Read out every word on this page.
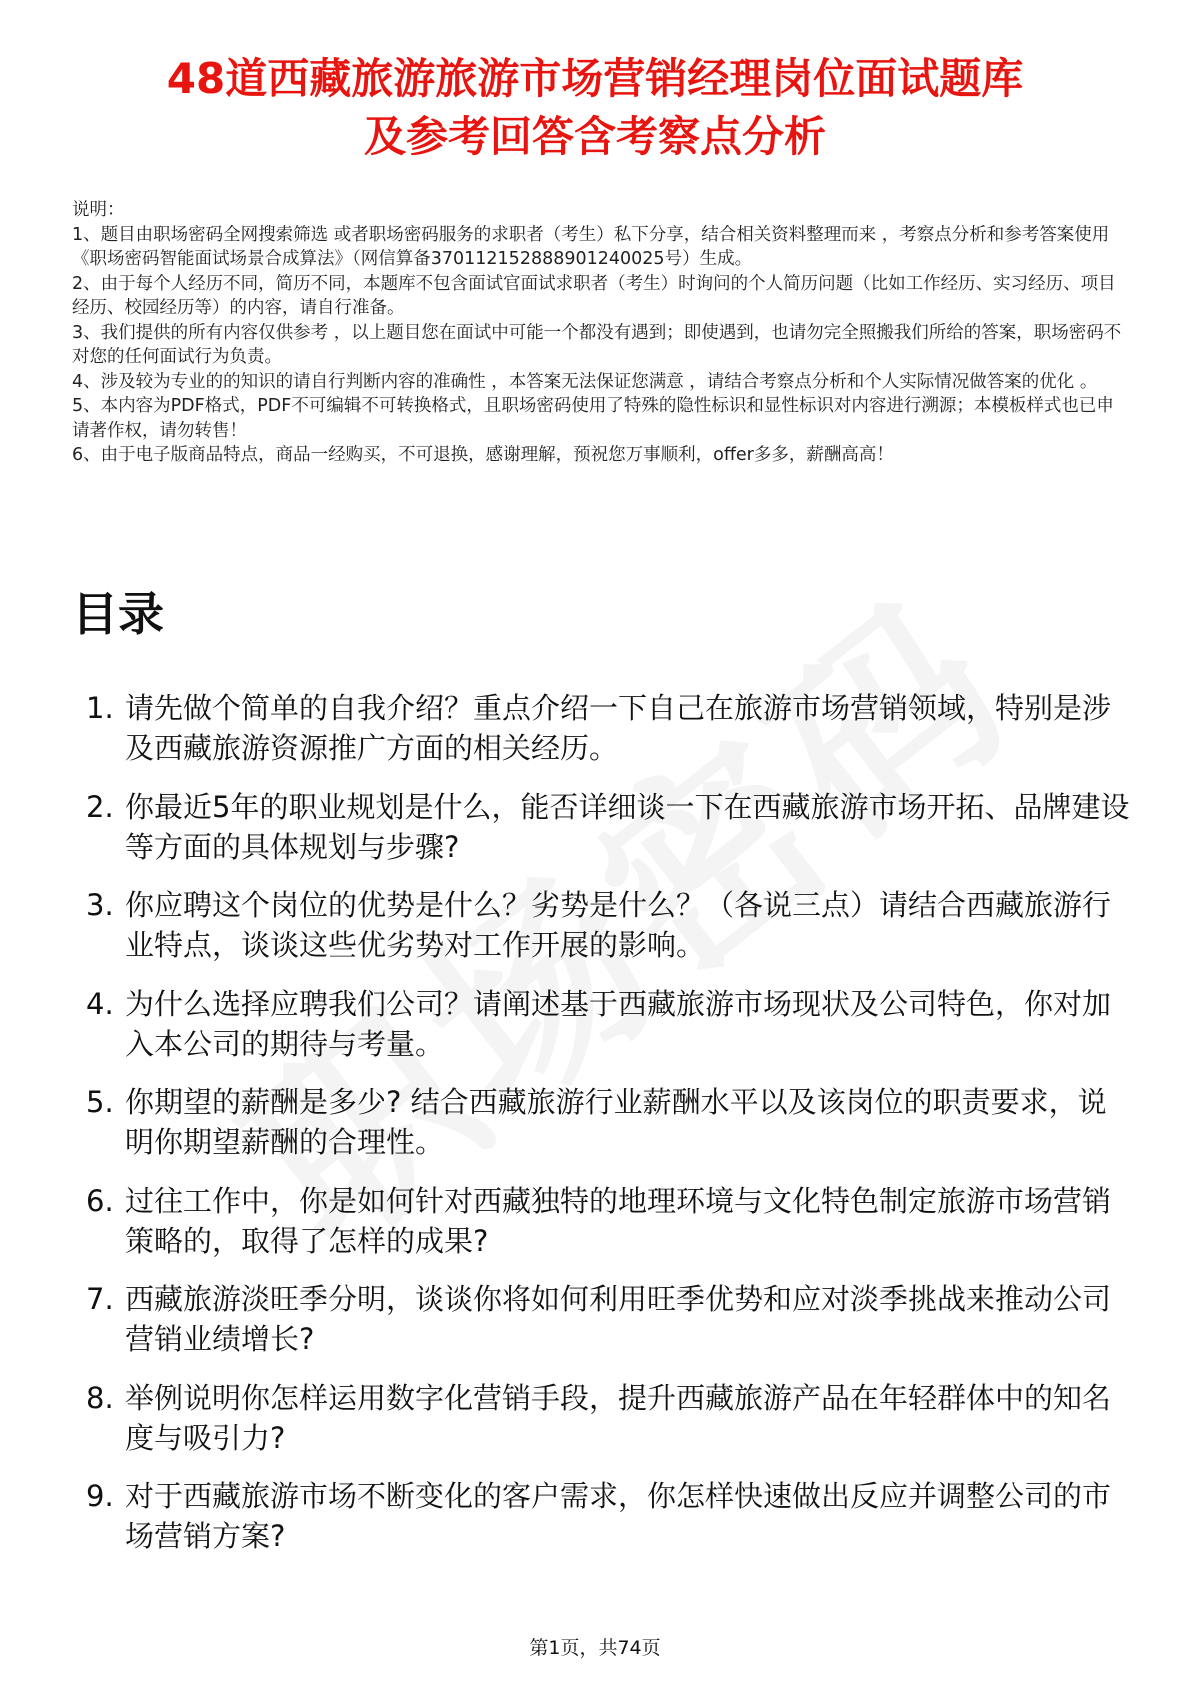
48道西藏旅游旅游市场营销经理岗位面试题库
及参考回答含考察点分析

说明：

1、题目由职场密码全网搜索筛选 或者职场密码服务的求职者（考生）私下分享，结合相关资料整理而来 ，考察点分析和参考答案使用《职场密码智能面试场景合成算法》（网信算备370112152888901240025号）生成。

2、由于每个人经历不同，简历不同，本题库不包含面试官面试求职者（考生）时询问的个人简历问题（比如工作经历、实习经历、项目经历、校园经历等）的内容，请自行准备。

3、我们提供的所有内容仅供参考 ，以上题目您在面试中可能一个都没有遇到；即使遇到，也请勿完全照搬我们所给的答案，职场密码不对您的任何面试行为负责。

4、涉及较为专业的的知识的请自行判断内容的准确性 ，本答案无法保证您满意 ，请结合考察点分析和个人实际情况做答案的优化 。

5、本内容为PDF格式，PDF不可编辑不可转换格式，且职场密码使用了特殊的隐性标识和显性标识对内容进行溯源；本模板样式也已申请著作权，请勿转售！

6、由于电子版商品特点，商品一经购买，不可退换，感谢理解，预祝您万事顺利，offer多多，薪酬高高！

目录
1. 请先做个简单的自我介绍？重点介绍一下自己在旅游市场营销领域，特别是涉及西藏旅游资源推广方面的相关经历。
2. 你最近5年的职业规划是什么，能否详细谈一下在西藏旅游市场开拓、品牌建设等方面的具体规划与步骤?
3. 你应聘这个岗位的优势是什么？劣势是什么？（各说三点）请结合西藏旅游行业特点，谈谈这些优劣势对工作开展的影响。
4. 为什么选择应聘我们公司？请阐述基于西藏旅游市场现状及公司特色，你对加入本公司的期待与考量。
5. 你期望的薪酬是多少? 结合西藏旅游行业薪酬水平以及该岗位的职责要求，说明你期望薪酬的合理性。
6. 过往工作中，你是如何针对西藏独特的地理环境与文化特色制定旅游市场营销策略的，取得了怎样的成果?
7. 西藏旅游淡旺季分明，谈谈你将如何利用旺季优势和应对淡季挑战来推动公司营销业绩增长?
8. 举例说明你怎样运用数字化营销手段，提升西藏旅游产品在年轻群体中的知名度与吸引力?
9. 对于西藏旅游市场不断变化的客户需求，你怎样快速做出反应并调整公司的市场营销方案?
第1页，共74页
